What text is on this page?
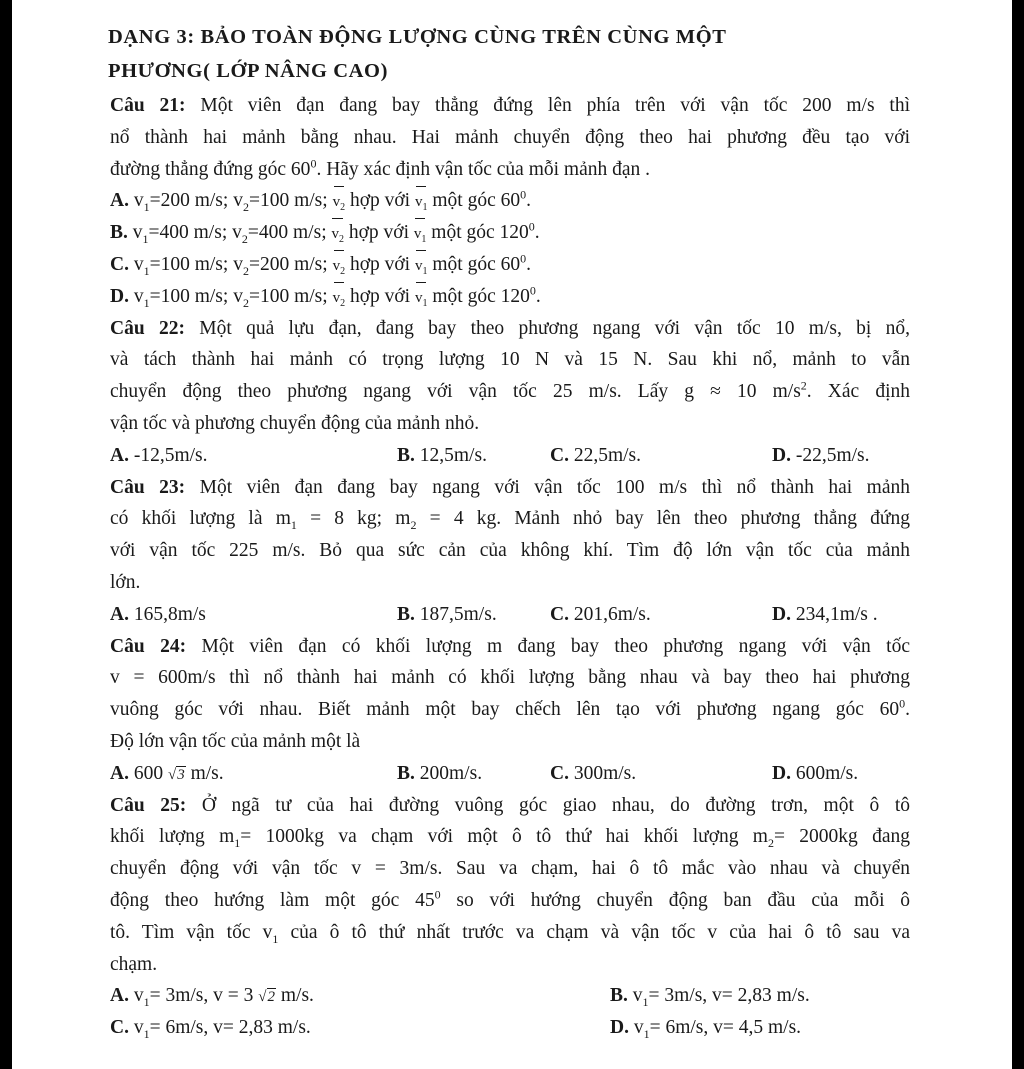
DẠNG 3: BẢO TOÀN ĐỘNG LƯỢNG CÙNG TRÊN CÙNG MỘT
PHƯƠNG( LỚP NÂNG CAO)
Câu 21: Một viên đạn đang bay thẳng đứng lên phía trên với vận tốc 200 m/s thì
nổ thành hai mảnh bằng nhau. Hai mảnh chuyển động theo hai phương đều tạo với
đường thẳng đứng góc $60^0$. Hãy xác định vận tốc của mỗi mảnh đạn .
A. $v_1=200$ m/s; $v_2=100$ m/s; $v_2$ hợp với $v_1$ một góc $60^0$.
B. $v_1=400$ m/s; $v_2=400$ m/s; $v_2$ hợp với $v_1$ một góc $120^0$.
C. $v_1=100$ m/s; $v_2=200$ m/s; $v_2$ hợp với $v_1$ một góc $60^0$.
D. $v_1=100$ m/s; $v_2=100$ m/s; $v_2$ hợp với $v_1$ một góc $120^0$.
Câu 22: Một quả lựu đạn, đang bay theo phương ngang với vận tốc 10 m/s, bị nổ,
và tách thành hai mảnh có trọng lượng 10 N và 15 N. Sau khi nổ, mảnh to vẫn
chuyển động theo phương ngang với vận tốc 25 m/s. Lấy g ≈ 10 $m/s^2$. Xác định
vận tốc và phương chuyển động của mảnh nhỏ.
A. -12,5m/s.	B. 12,5m/s.	C. 22,5m/s.	D. -22,5m/s.
Câu 23: Một viên đạn đang bay ngang với vận tốc 100 m/s thì nổ thành hai mảnh
có khối lượng là $m_1 = 8$ kg; $m_2 = 4$ kg. Mảnh nhỏ bay lên theo phương thẳng đứng
với vận tốc 225 m/s. Bỏ qua sức cản của không khí. Tìm độ lớn vận tốc của mảnh
lớn.
A. 165,8m/s	B. 187,5m/s.	C. 201,6m/s.	D. 234,1m/s .
Câu 24: Một viên đạn có khối lượng m đang bay theo phương ngang với vận tốc
v = 600m/s thì nổ thành hai mảnh có khối lượng bằng nhau và bay theo hai phương
vuông góc với nhau. Biết mảnh một bay chếch lên tạo với phương ngang góc $60^0$.
Độ lớn vận tốc của mảnh một là
A. 600 √3 m/s.	B. 200m/s.	C. 300m/s.	D. 600m/s.
Câu 25: Ở ngã tư của hai đường vuông góc giao nhau, do đường trơn, một ô tô
khối lượng $m_1= 1000kg$ va chạm với một ô tô thứ hai khối lượng $m_2= 2000kg$ đang
chuyển động với vận tốc v = 3m/s. Sau va chạm, hai ô tô mắc vào nhau và chuyển
động theo hướng làm một góc $45^0$ so với hướng chuyển động ban đầu của mỗi ô
tô. Tìm vận tốc $v_1$ của ô tô thứ nhất trước va chạm và vận tốc v của hai ô tô sau va
chạm.
A. $v_1= 3m/s$, v = 3 √2 m/s.	B. $v_1= 3m/s$, v= 2,83 m/s.
C. $v_1= 6m/s$, v= 2,83 m/s.	D. $v_1= 6m/s$, v= 4,5 m/s.
